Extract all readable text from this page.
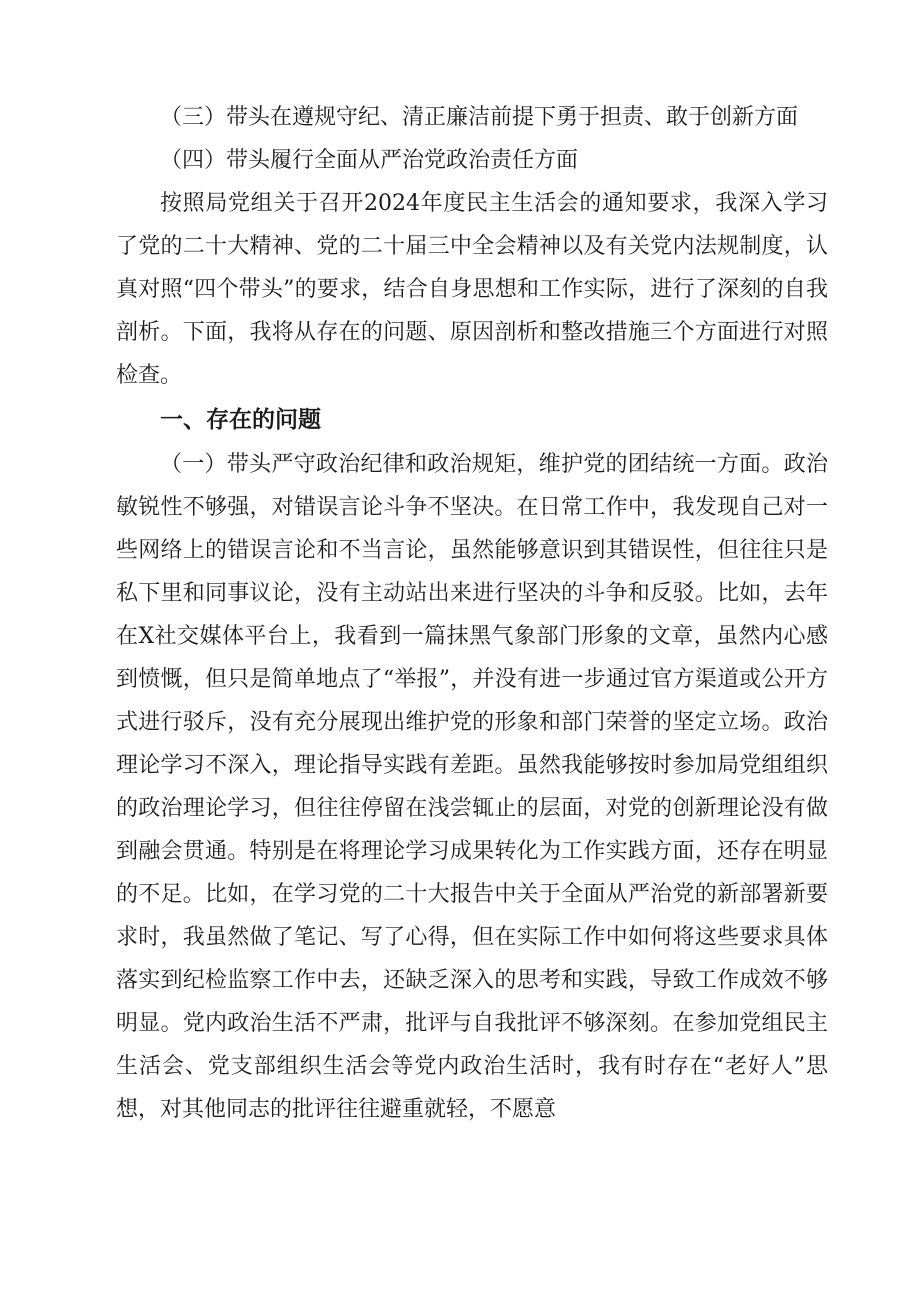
（三）带头在遵规守纪、清正廉洁前提下勇于担责、敢于创新方面

（四）带头履行全面从严治党政治责任方面

按照局党组关于召开2024年度民主生活会的通知要求，我深入学习了党的二十大精神、党的二十届三中全会精神以及有关党内法规制度，认真对照“四个带头”的要求，结合自身思想和工作实际，进行了深刻的自我剖析。下面，我将从存在的问题、原因剖析和整改措施三个方面进行对照检查。

一、存在的问题

（一）带头严守政治纪律和政治规矩，维护党的团结统一方面。政治敏锐性不够强，对错误言论斗争不坚决。在日常工作中，我发现自己对一些网络上的错误言论和不当言论，虽然能够意识到其错误性，但往往只是私下里和同事议论，没有主动站出来进行坚决的斗争和反驳。比如，去年在X社交媒体平台上，我看到一篇抹黑气象部门形象的文章，虽然内心感到愤慨，但只是简单地点了“举报”，并没有进一步通过官方渠道或公开方式进行驳斥，没有充分展现出维护党的形象和部门荣誉的坚定立场。政治理论学习不深入，理论指导实践有差距。虽然我能够按时参加局党组组织的政治理论学习，但往往停留在浅尝辄止的层面，对党的创新理论没有做到融会贯通。特别是在将理论学习成果转化为工作实践方面，还存在明显的不足。比如，在学习党的二十大报告中关于全面从严治党的新部署新要求时，我虽然做了笔记、写了心得，但在实际工作中如何将这些要求具体落实到纪检监察工作中去，还缺乏深入的思考和实践，导致工作成效不够明显。党内政治生活不严肃，批评与自我批评不够深刻。在参加党组民主生活会、党支部组织生活会等党内政治生活时，我有时存在“老好人”思想，对其他同志的批评往往避重就轻，不愿意
